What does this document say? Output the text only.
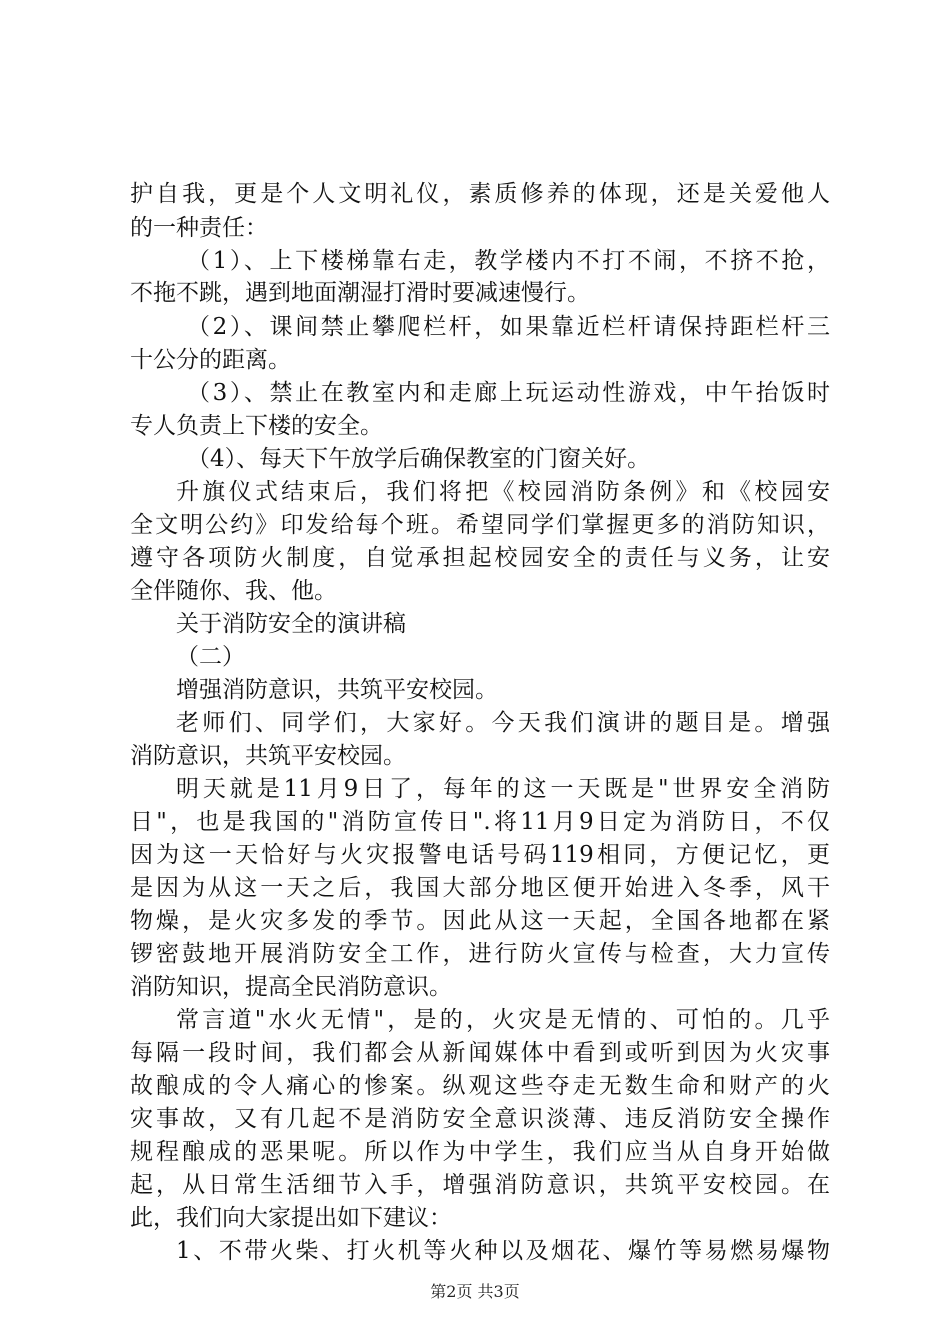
护自我，更是个人文明礼仪，素质修养的体现，还是关爱他人
的一种责任：
（1）、上下楼梯靠右走，教学楼内不打不闹，不挤不抢，
不拖不跳，遇到地面潮湿打滑时要减速慢行。
（2）、课间禁止攀爬栏杆，如果靠近栏杆请保持距栏杆三
十公分的距离。
（3）、禁止在教室内和走廊上玩运动性游戏，中午抬饭时
专人负责上下楼的安全。
（4）、每天下午放学后确保教室的门窗关好。
升旗仪式结束后，我们将把《校园消防条例》和《校园安
全文明公约》印发给每个班。希望同学们掌握更多的消防知识，
遵守各项防火制度，自觉承担起校园安全的责任与义务，让安
全伴随你、我、他。
关于消防安全的演讲稿
（二）
增强消防意识，共筑平安校园。
老师们、同学们，大家好。今天我们演讲的题目是。增强
消防意识，共筑平安校园。
明天就是11月9日了，每年的这一天既是"世界安全消防
日"，也是我国的"消防宣传日".将11月9日定为消防日，不仅
因为这一天恰好与火灾报警电话号码119相同，方便记忆，更
是因为从这一天之后，我国大部分地区便开始进入冬季，风干
物燥，是火灾多发的季节。因此从这一天起，全国各地都在紧
锣密鼓地开展消防安全工作，进行防火宣传与检查，大力宣传
消防知识，提高全民消防意识。
常言道"水火无情"，是的，火灾是无情的、可怕的。几乎
每隔一段时间，我们都会从新闻媒体中看到或听到因为火灾事
故酿成的令人痛心的惨案。纵观这些夺走无数生命和财产的火
灾事故，又有几起不是消防安全意识淡薄、违反消防安全操作
规程酿成的恶果呢。所以作为中学生，我们应当从自身开始做
起，从日常生活细节入手，增强消防意识，共筑平安校园。在
此，我们向大家提出如下建议：
1、不带火柴、打火机等火种以及烟花、爆竹等易燃易爆物
第2页 共3页
